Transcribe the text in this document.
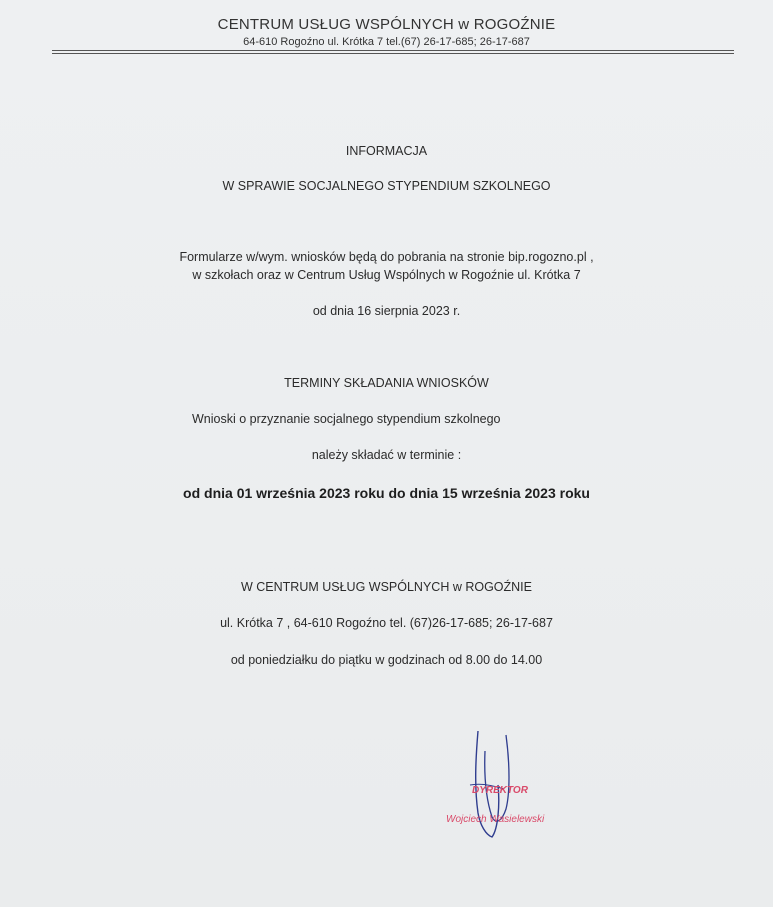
CENTRUM USŁUG WSPÓLNYCH w ROGOŹNIE
64-610 Rogoźno ul. Krótka 7 tel.(67) 26-17-685; 26-17-687
INFORMACJA
W SPRAWIE SOCJALNEGO STYPENDIUM SZKOLNEGO
Formularze w/wym. wniosków będą do pobrania na stronie bip.rogozno.pl ,
w szkołach oraz w Centrum Usług Wspólnych w Rogoźnie ul. Krótka 7
od dnia 16 sierpnia 2023 r.
TERMINY SKŁADANIA WNIOSKÓW
Wnioski o przyznanie socjalnego stypendium szkolnego
należy składać w terminie :
od dnia 01 września 2023 roku do dnia 15 września 2023 roku
W CENTRUM USŁUG WSPÓLNYCH w ROGOŹNIE
ul. Krótka 7 , 64-610 Rogoźno tel. (67)26-17-685; 26-17-687
od poniedziałku do piątku w godzinach od 8.00 do 14.00
DYREKTOR
Wojciech Wasielewski
